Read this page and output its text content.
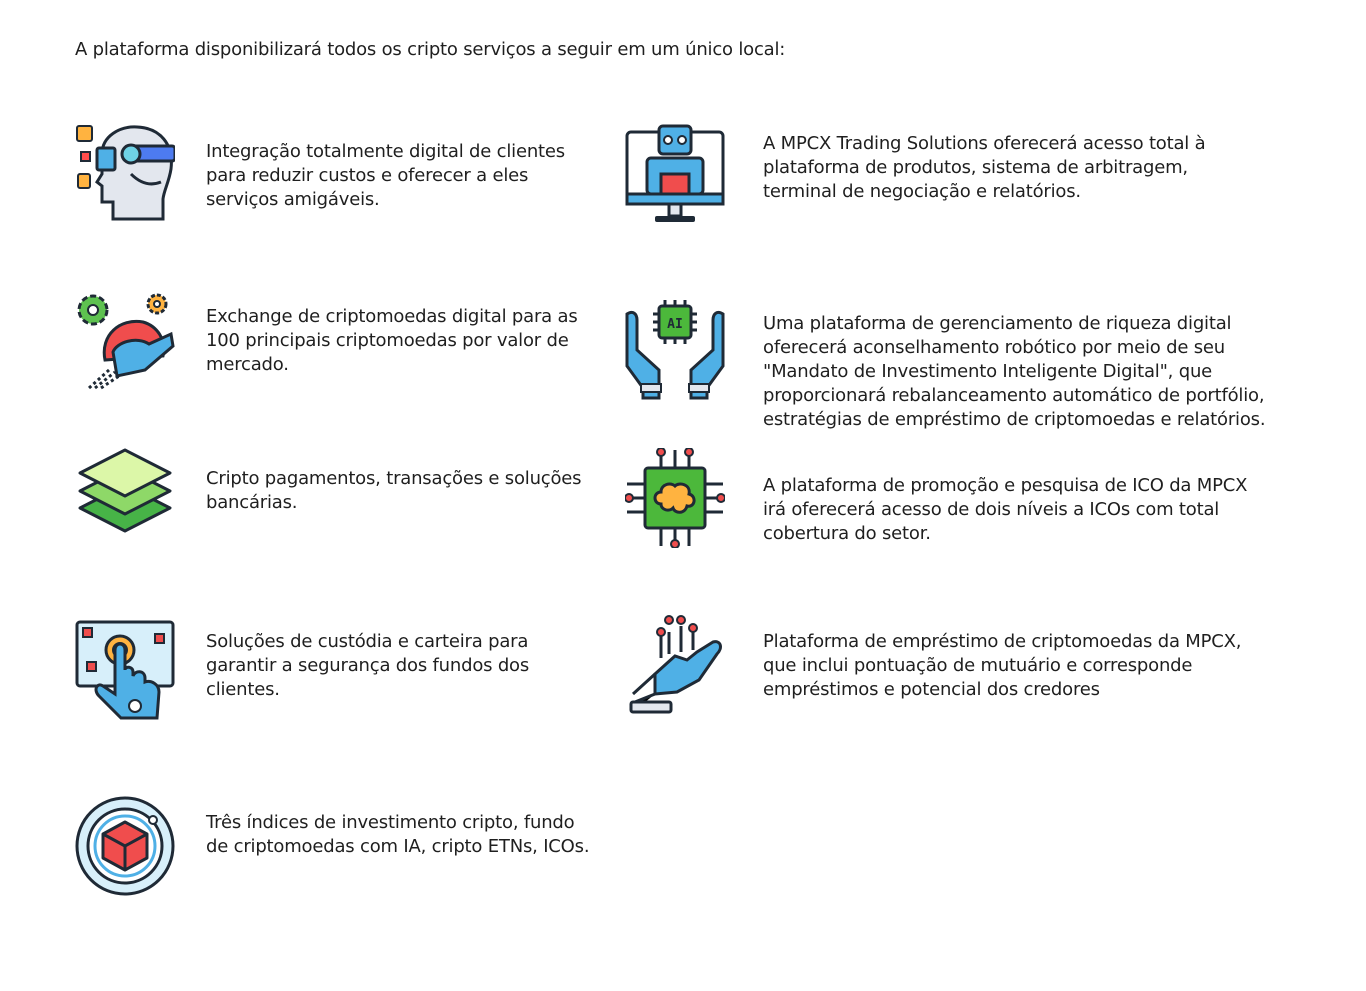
A plataforma disponibilizará todos os cripto serviços a seguir em um único local:
Integração totalmente digital de clientes para reduzir custos e oferecer a eles serviços amigáveis.
Exchange de criptomoedas digital para as 100 principais criptomoedas por valor de mercado.
Cripto pagamentos, transações e soluções bancárias.
Soluções de custódia e carteira para garantir a segurança dos fundos dos clientes.
Três índices de investimento cripto, fundo de criptomoedas com IA, cripto ETNs, ICOs.
A MPCX Trading Solutions oferecerá acesso total à plataforma de produtos, sistema de arbitragem, terminal de negociação e relatórios.
AI	Uma plataforma de gerenciamento de riqueza digital oferecerá aconselhamento robótico por meio de seu "Mandato de Investimento Inteligente Digital", que proporcionará rebalanceamento automático de portfólio, estratégias de empréstimo de criptomoedas e relatórios.
A plataforma de promoção e pesquisa de ICO da MPCX irá oferecerá acesso de dois níveis a ICOs com total cobertura do setor.
Plataforma de empréstimo de criptomoedas da MPCX, que inclui pontuação de mutuário e corresponde empréstimos e potencial dos credores
